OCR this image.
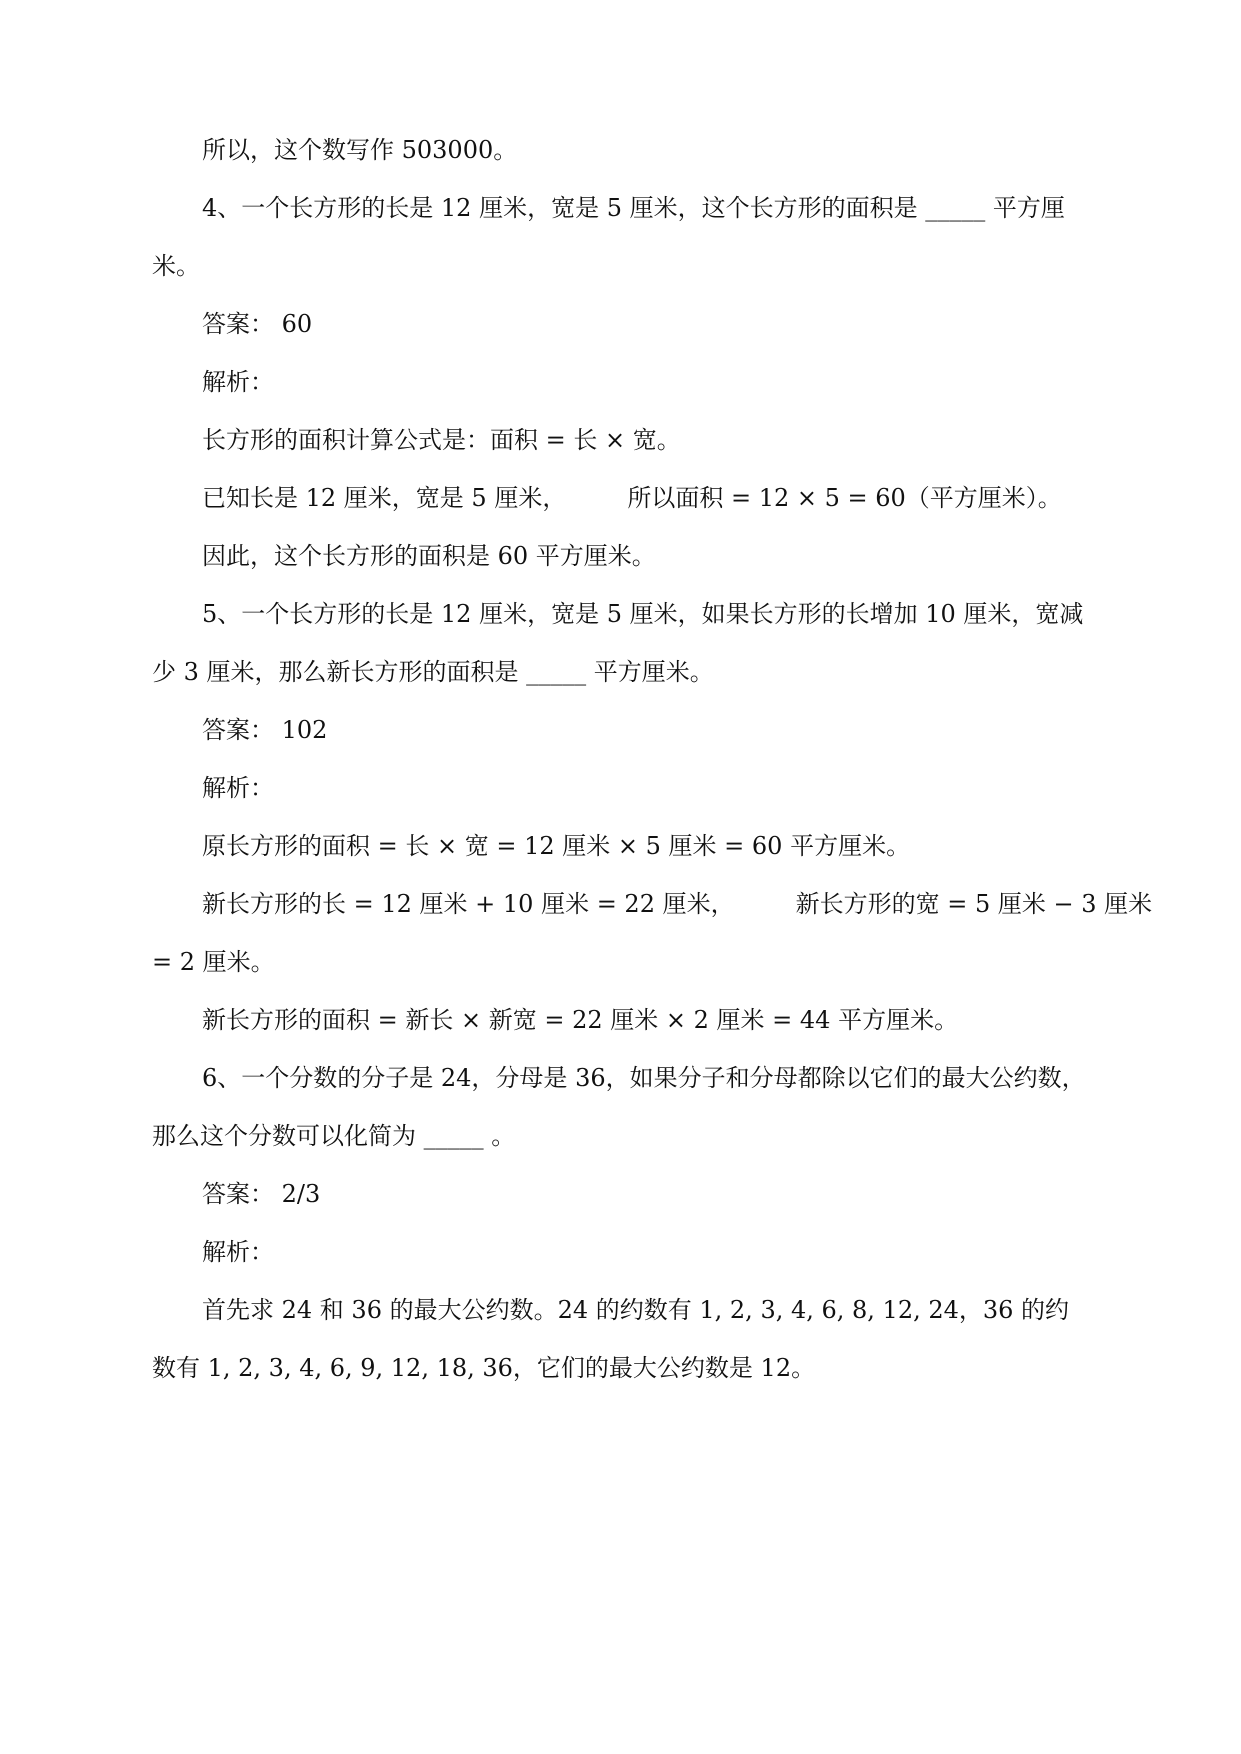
所以，这个数写作 503000。
4、一个长方形的长是 12 厘米，宽是 5 厘米，这个长方形的面积是 _____ 平方厘
米。
答案： 60
解析：
长方形的面积计算公式是：面积 = 长 × 宽。
已知长是 12 厘米，宽是 5 厘米，        所以面积 = 12 × 5 = 60（平方厘米）。
因此，这个长方形的面积是 60 平方厘米。
5、一个长方形的长是 12 厘米，宽是 5 厘米，如果长方形的长增加 10 厘米，宽减
少 3 厘米，那么新长方形的面积是 _____ 平方厘米。
答案： 102
解析：
原长方形的面积 = 长 × 宽 = 12 厘米 × 5 厘米 = 60 平方厘米。
新长方形的长 = 12 厘米 + 10 厘米 = 22 厘米，        新长方形的宽 = 5 厘米 − 3 厘米
= 2 厘米。
新长方形的面积 = 新长 × 新宽 = 22 厘米 × 2 厘米 = 44 平方厘米。
6、一个分数的分子是 24，分母是 36，如果分子和分母都除以它们的最大公约数，
那么这个分数可以化简为 _____ 。
答案： 2/3
解析：
首先求 24 和 36 的最大公约数。24 的约数有 1, 2, 3, 4, 6, 8, 12, 24，36 的约
数有 1, 2, 3, 4, 6, 9, 12, 18, 36，它们的最大公约数是 12。
